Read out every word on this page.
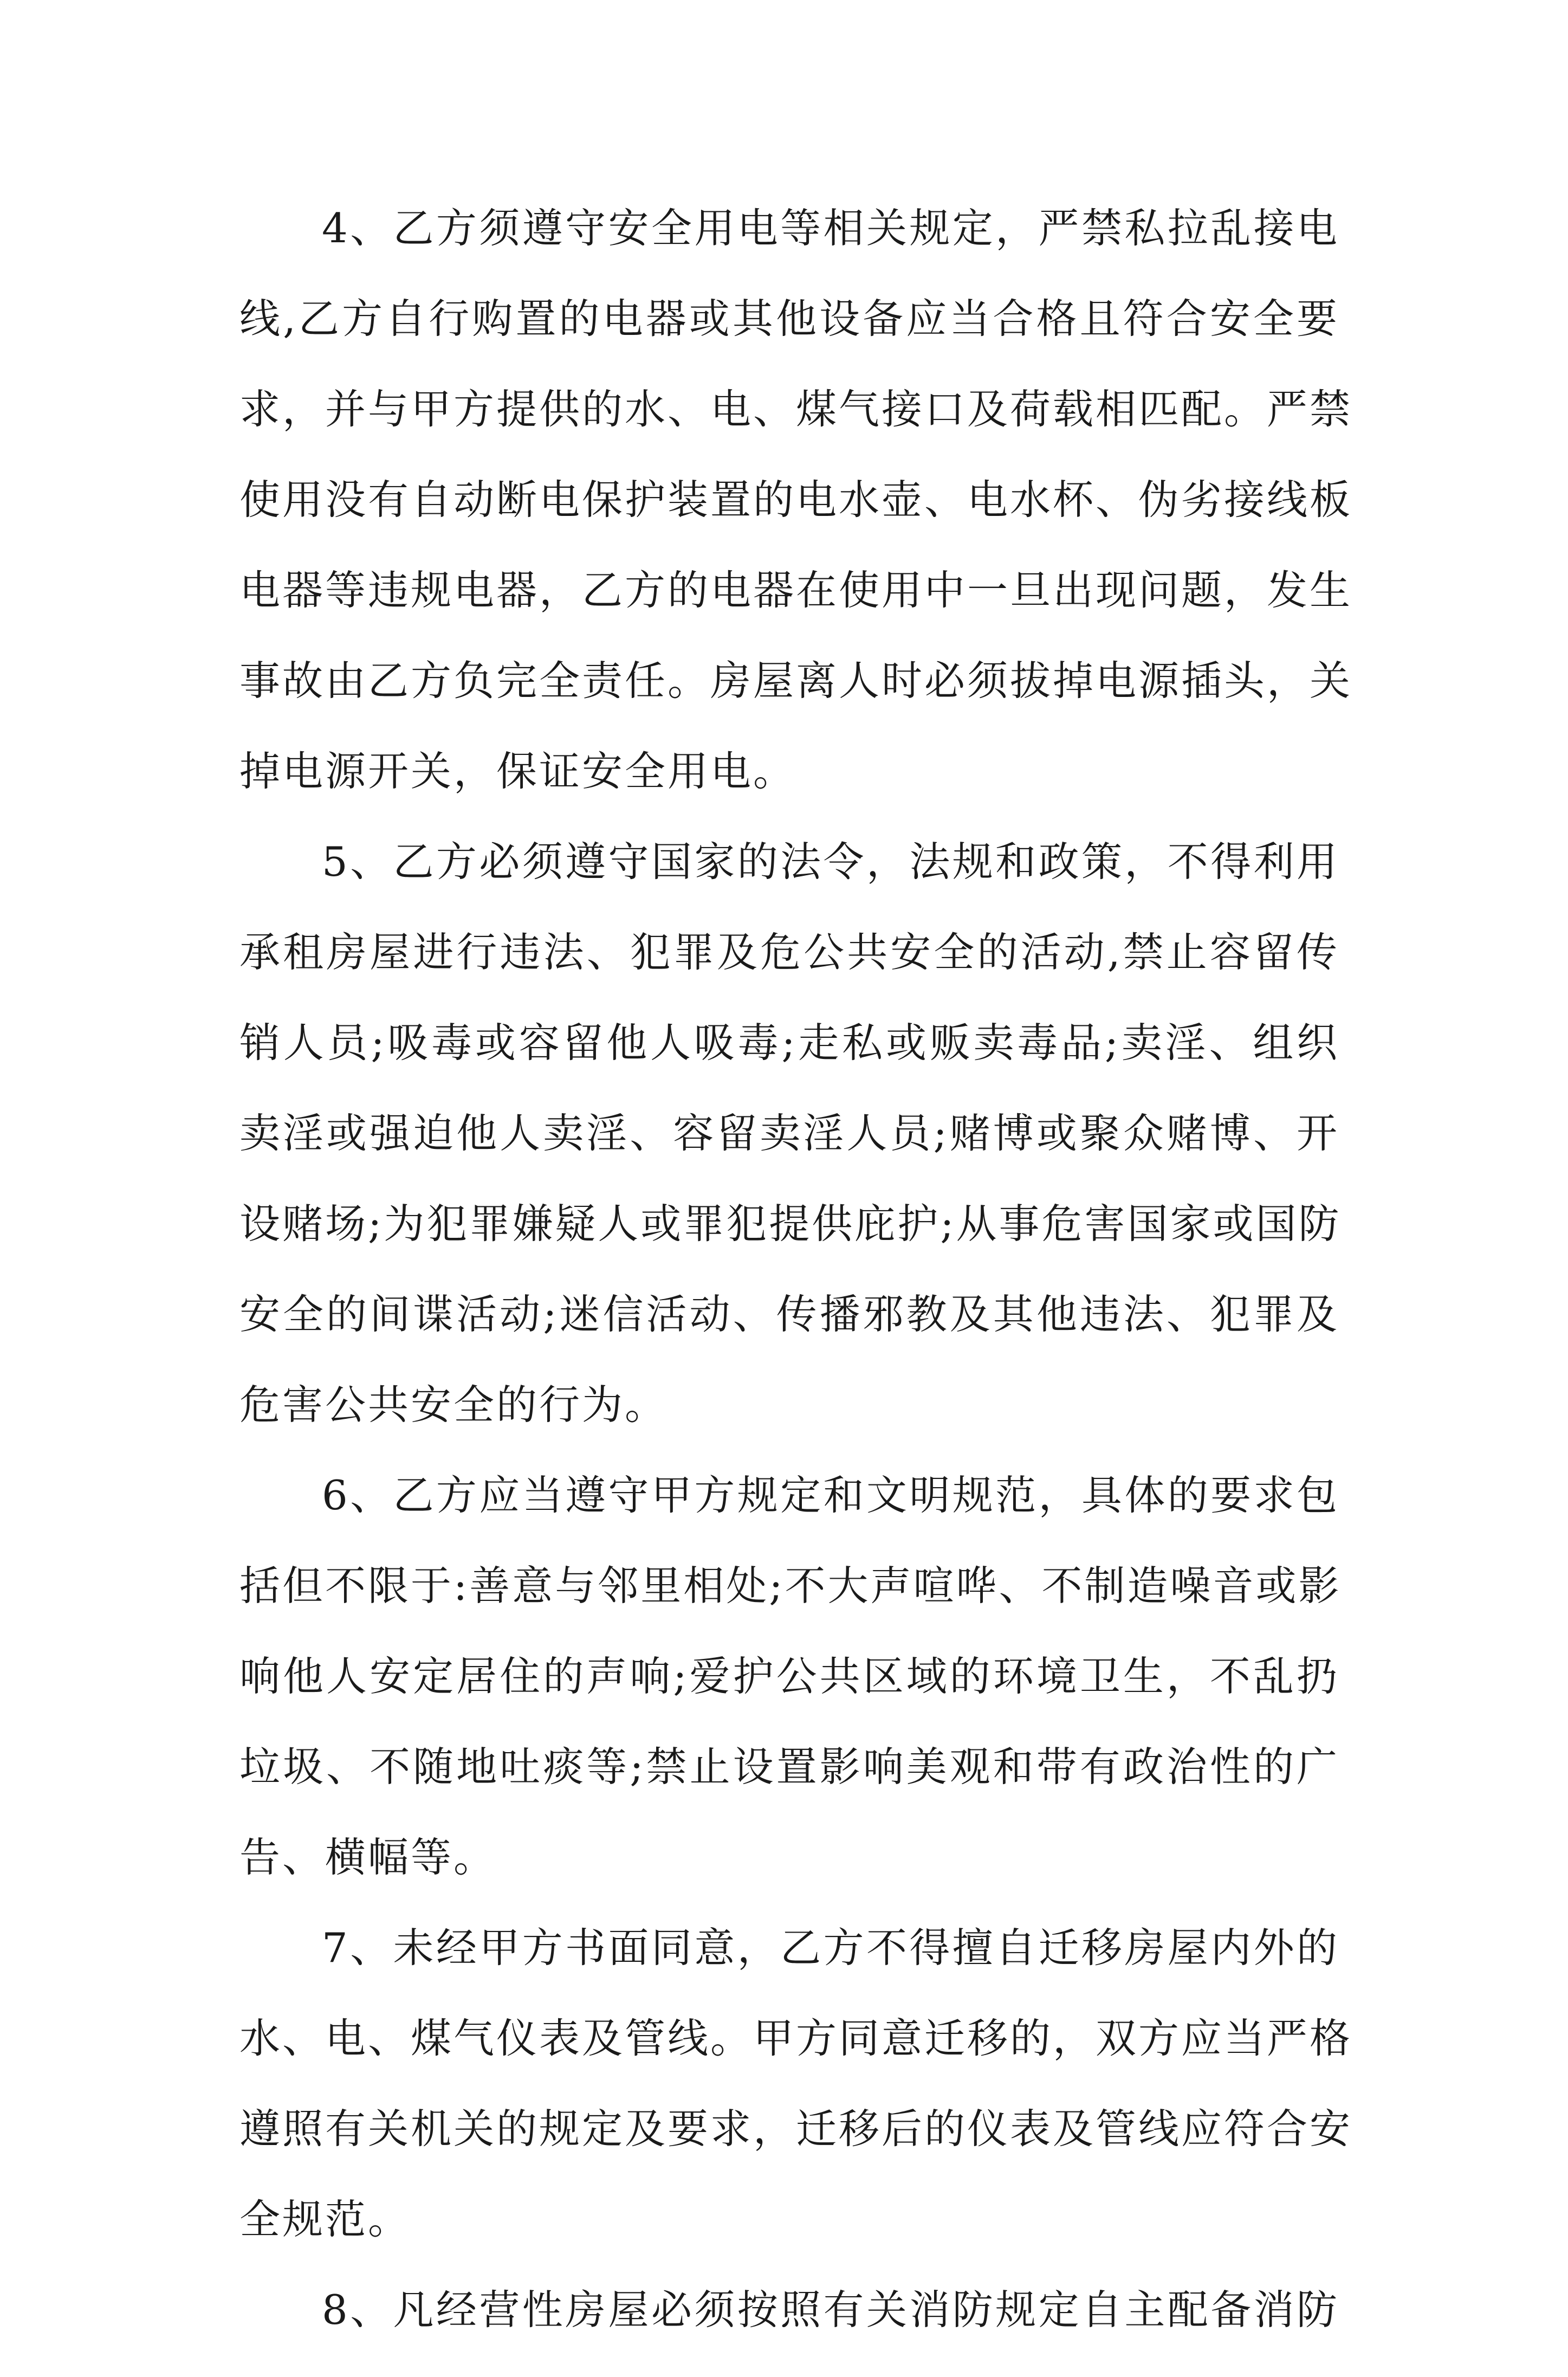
4、乙方须遵守安全用电等相关规定，严禁私拉乱接电
线,乙方自行购置的电器或其他设备应当合格且符合安全要
求，并与甲方提供的水、电、煤气接口及荷载相匹配。严禁
使用没有自动断电保护装置的电水壶、电水杯、伪劣接线板
电器等违规电器，乙方的电器在使用中一旦出现问题，发生
事故由乙方负完全责任。房屋离人时必须拔掉电源插头，关
掉电源开关，保证安全用电。
5、乙方必须遵守国家的法令，法规和政策，不得利用
承租房屋进行违法、犯罪及危公共安全的活动,禁止容留传
销人员;吸毒或容留他人吸毒;走私或贩卖毒品;卖淫、组织
卖淫或强迫他人卖淫、容留卖淫人员;赌博或聚众赌博、开
设赌场;为犯罪嫌疑人或罪犯提供庇护;从事危害国家或国防
安全的间谍活动;迷信活动、传播邪教及其他违法、犯罪及
危害公共安全的行为。
6、乙方应当遵守甲方规定和文明规范，具体的要求包
括但不限于:善意与邻里相处;不大声喧哗、不制造噪音或影
响他人安定居住的声响;爱护公共区域的环境卫生，不乱扔
垃圾、不随地吐痰等;禁止设置影响美观和带有政治性的广
告、横幅等。
7、未经甲方书面同意，乙方不得擅自迁移房屋内外的
水、电、煤气仪表及管线。甲方同意迁移的，双方应当严格
遵照有关机关的规定及要求，迁移后的仪表及管线应符合安
全规范。
8、凡经营性房屋必须按照有关消防规定自主配备消防
